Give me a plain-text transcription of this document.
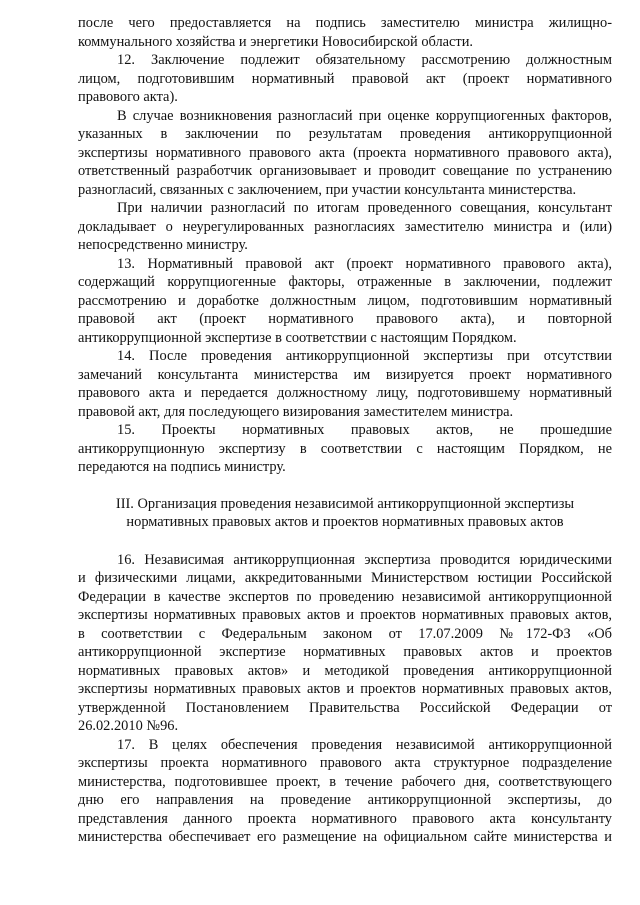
после чего предоставляется на подпись заместителю министра жилищно-
коммунального хозяйства и энергетики Новосибирской области.
12. Заключение подлежит обязательному рассмотрению должностным
лицом, подготовившим нормативный правовой акт (проект нормативного
правового акта).
В случае возникновения разногласий при оценке коррупциогенных факторов,
указанных в заключении по результатам проведения антикоррупционной
экспертизы нормативного правового акта (проекта нормативного правового акта),
ответственный разработчик организовывает и проводит совещание по устранению
разногласий, связанных с заключением, при участии консультанта министерства.
При наличии разногласий по итогам проведенного совещания, консультант
докладывает о неурегулированных разногласиях заместителю министра и (или)
непосредственно министру.
13. Нормативный правовой акт (проект нормативного правового акта),
содержащий коррупциогенные факторы, отраженные в заключении, подлежит
рассмотрению и доработке должностным лицом, подготовившим нормативный
правовой акт (проект нормативного правового акта), и повторной
антикоррупционной экспертизе в соответствии с настоящим Порядком.
14. После проведения антикоррупционной экспертизы при отсутствии
замечаний консультанта министерства им визируется проект нормативного
правового акта и передается должностному лицу, подготовившему нормативный
правовой акт, для последующего визирования заместителем министра.
15. Проекты нормативных правовых актов, не прошедшие
антикоррупционную экспертизу в соответствии с настоящим Порядком, не
передаются на подпись министру.
III. Организация проведения независимой антикоррупционной экспертизы
нормативных правовых актов и проектов нормативных правовых актов
16. Независимая антикоррупционная экспертиза проводится юридическими
и физическими лицами, аккредитованными Министерством юстиции Российской
Федерации в качестве экспертов по проведению независимой антикоррупционной
экспертизы нормативных правовых актов и проектов нормативных правовых актов,
в соответствии с Федеральным законом от 17.07.2009 №172-ФЗ «Об
антикоррупционной экспертизе нормативных правовых актов и проектов
нормативных правовых актов» и методикой проведения антикоррупционной
экспертизы нормативных правовых актов и проектов нормативных правовых актов,
утвержденной Постановлением Правительства Российской Федерации от
26.02.2010 №96.
17. В целях обеспечения проведения независимой антикоррупционной
экспертизы проекта нормативного правового акта структурное подразделение
министерства, подготовившее проект, в течение рабочего дня, соответствующего
дню его направления на проведение антикоррупционной экспертизы, до
представления данного проекта нормативного правового акта консультанту
министерства обеспечивает его размещение на официальном сайте министерства и
